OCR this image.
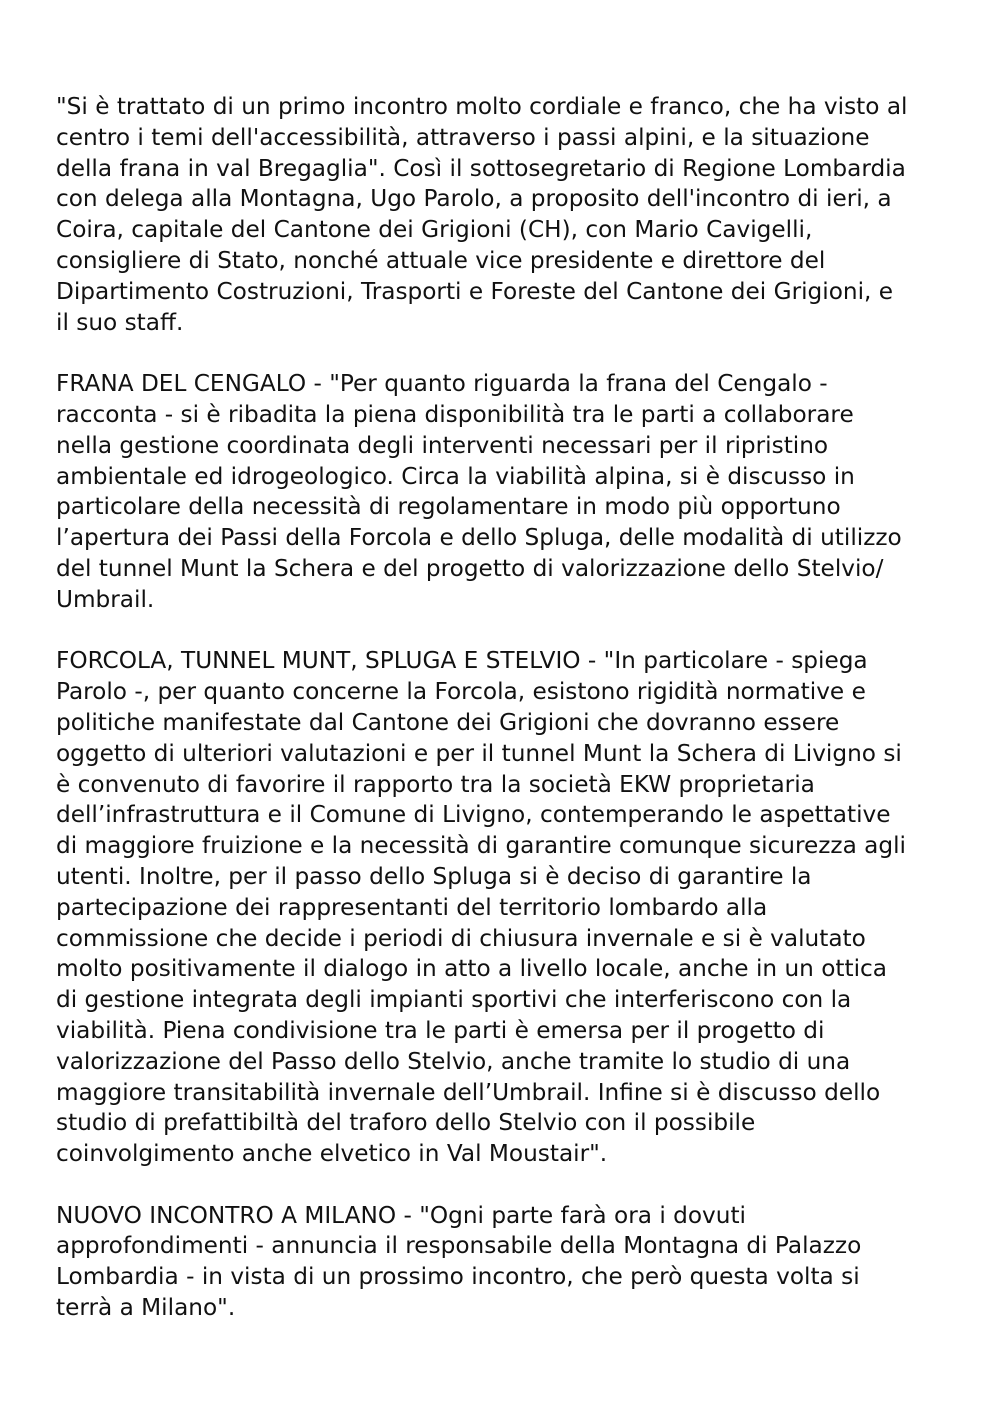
"Si è trattato di un primo incontro molto cordiale e franco, che ha visto al
centro i temi dell'accessibilità, attraverso i passi alpini, e la situazione
della frana in val Bregaglia". Così il sottosegretario di Regione Lombardia
con delega alla Montagna, Ugo Parolo, a proposito dell'incontro di ieri, a
Coira, capitale del Cantone dei Grigioni (CH), con Mario Cavigelli,
consigliere di Stato, nonché attuale vice presidente e direttore del
Dipartimento Costruzioni, Trasporti e Foreste del Cantone dei Grigioni, e
il suo staff.

FRANA DEL CENGALO - "Per quanto riguarda la frana del Cengalo -
racconta - si è ribadita la piena disponibilità tra le parti a collaborare
nella gestione coordinata degli interventi necessari per il ripristino
ambientale ed idrogeologico. Circa la viabilità alpina, si è discusso in
particolare della necessità di regolamentare in modo più opportuno
l’apertura dei Passi della Forcola e dello Spluga, delle modalità di utilizzo
del tunnel Munt la Schera e del progetto di valorizzazione dello Stelvio/
Umbrail.

FORCOLA, TUNNEL MUNT, SPLUGA E STELVIO - "In particolare - spiega
Parolo -, per quanto concerne la Forcola, esistono rigidità normative e
politiche manifestate dal Cantone dei Grigioni che dovranno essere
oggetto di ulteriori valutazioni e per il tunnel Munt la Schera di Livigno si
è convenuto di favorire il rapporto tra la società EKW proprietaria
dell’infrastruttura e il Comune di Livigno, contemperando le aspettative
di maggiore fruizione e la necessità di garantire comunque sicurezza agli
utenti. Inoltre, per il passo dello Spluga si è deciso di garantire la
partecipazione dei rappresentanti del territorio lombardo alla
commissione che decide i periodi di chiusura invernale e si è valutato
molto positivamente il dialogo in atto a livello locale, anche in un ottica
di gestione integrata degli impianti sportivi che interferiscono con la
viabilità. Piena condivisione tra le parti è emersa per il progetto di
valorizzazione del Passo dello Stelvio, anche tramite lo studio di una
maggiore transitabilità invernale dell’Umbrail. Infine si è discusso dello
studio di prefattibiltà del traforo dello Stelvio con il possibile
coinvolgimento anche elvetico in Val Moustair".

NUOVO INCONTRO A MILANO - "Ogni parte farà ora i dovuti
approfondimenti - annuncia il responsabile della Montagna di Palazzo
Lombardia - in vista di un prossimo incontro, che però questa volta si
terrà a Milano".
